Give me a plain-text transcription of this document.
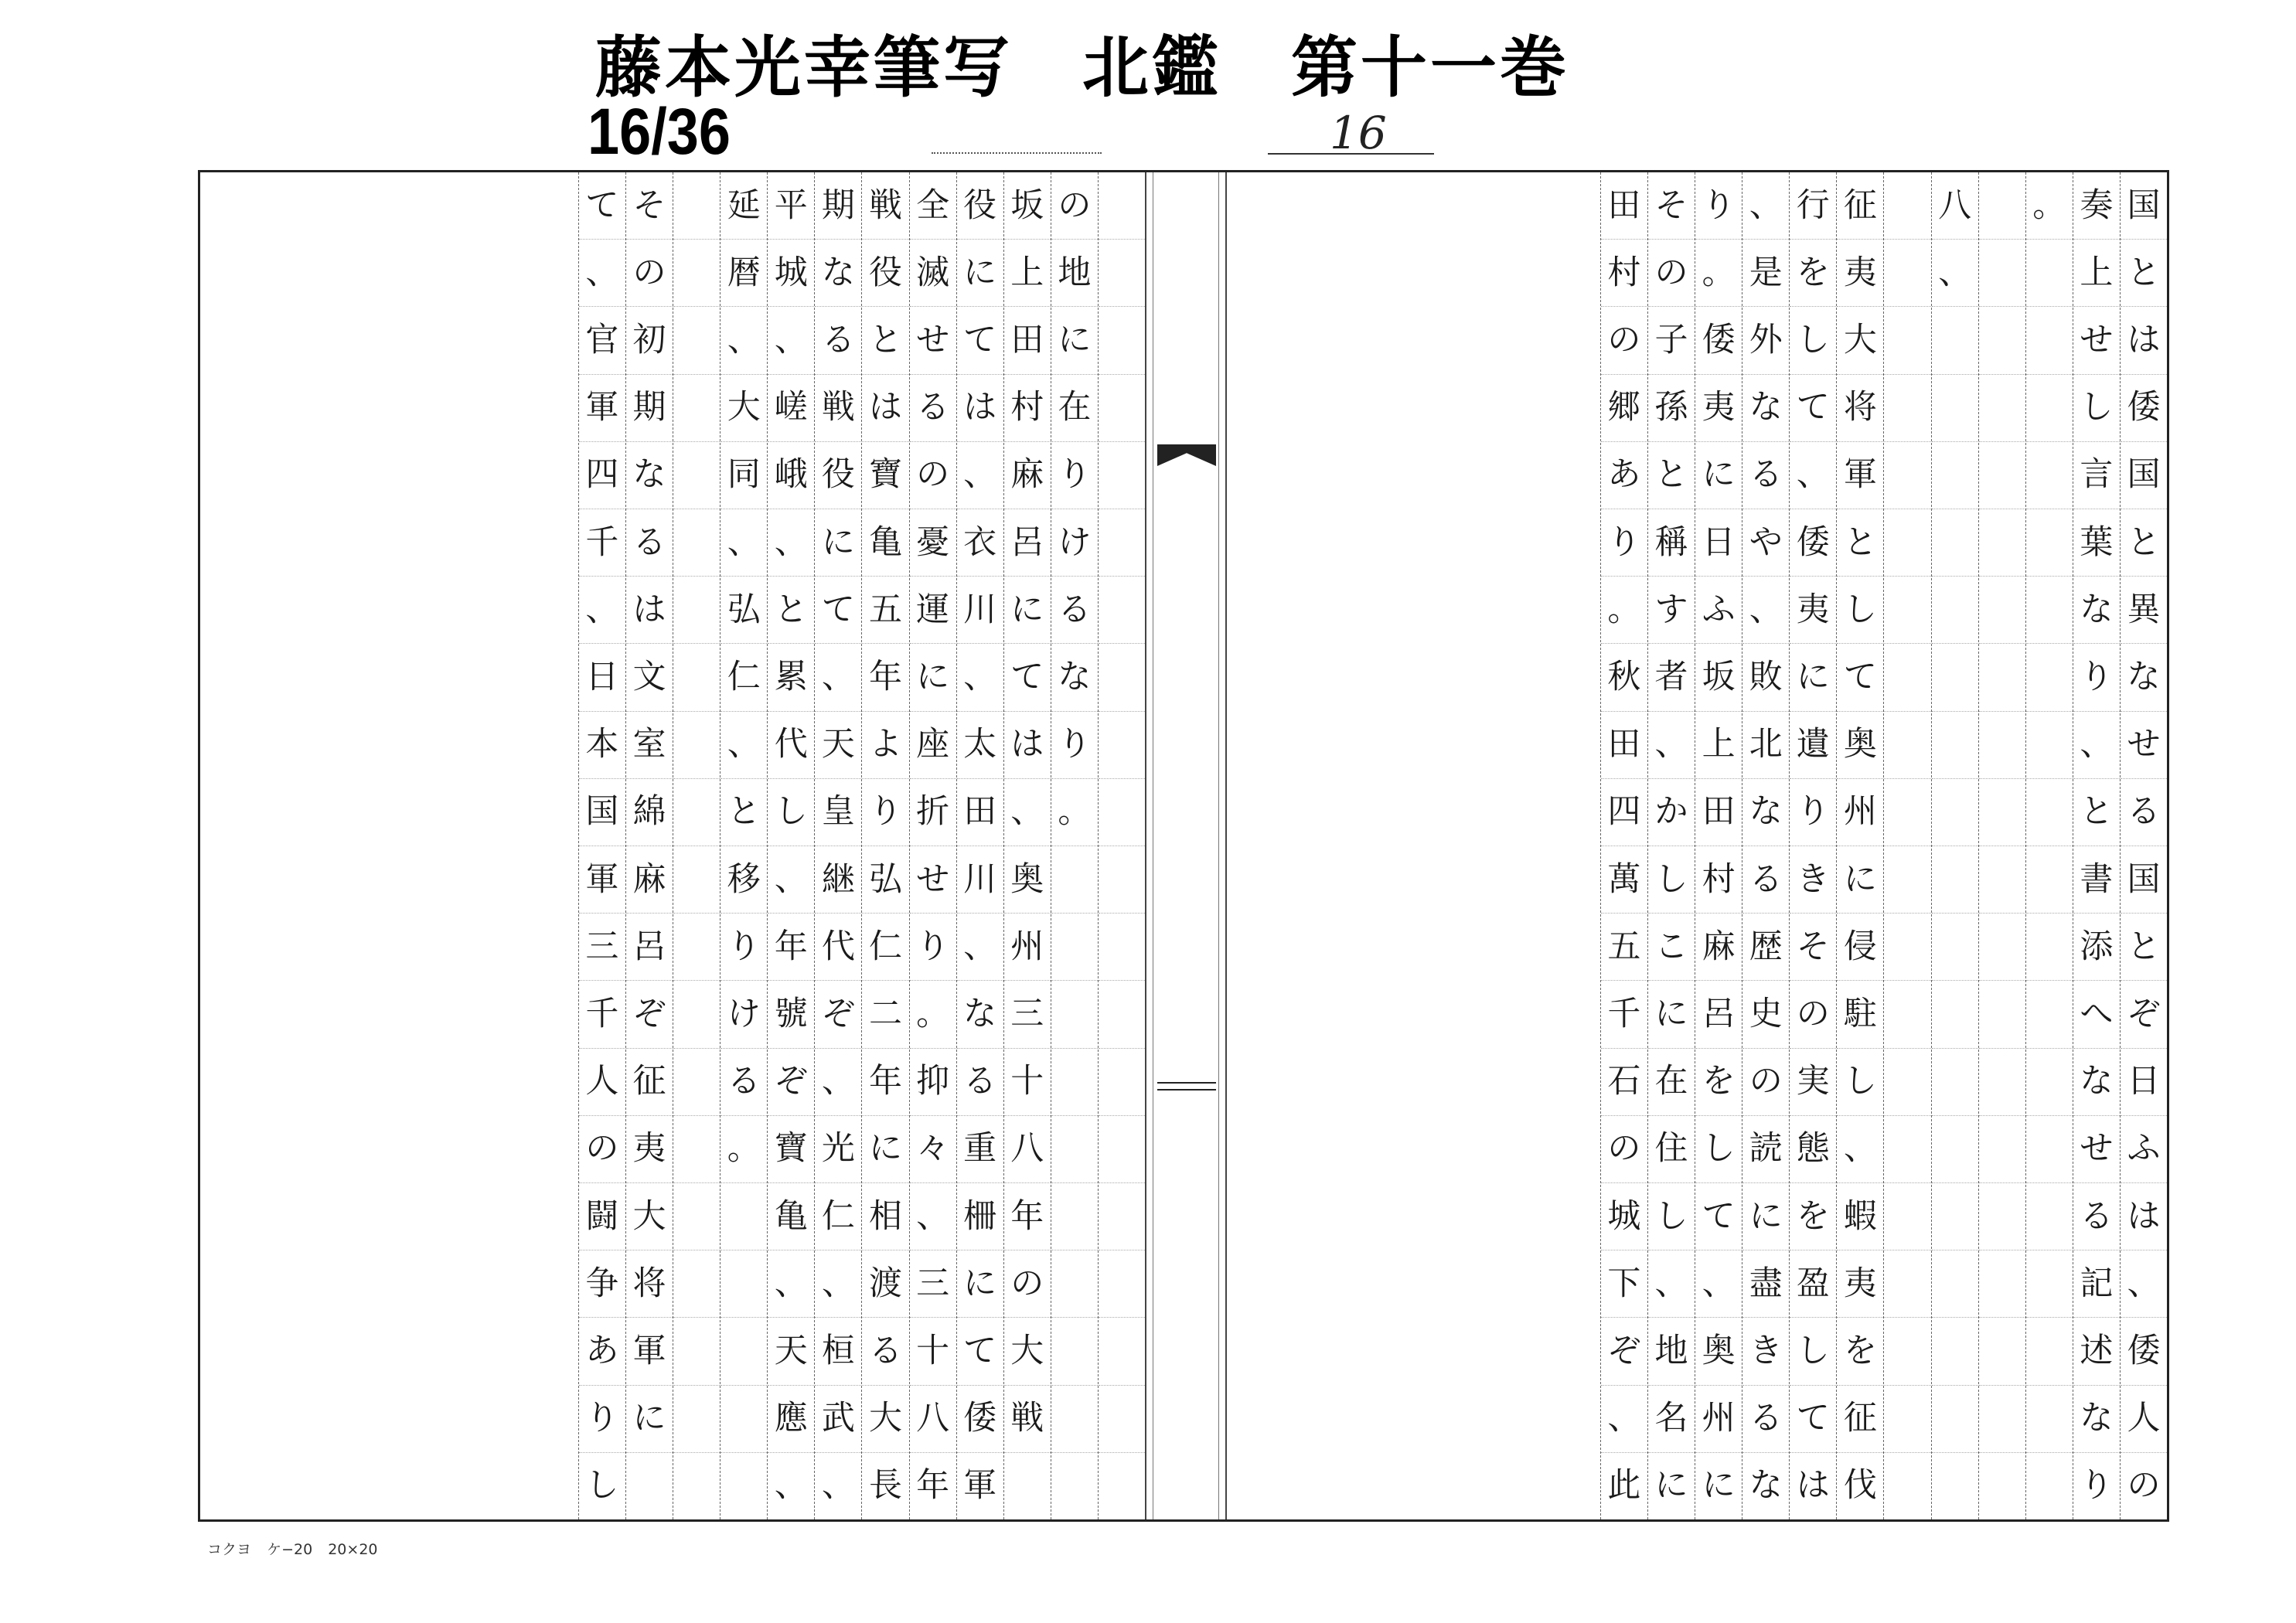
藤本光幸筆写　北鑑　第十一巻
16/36	16
国
と
は
倭
国
と
異
な
せ
る
国
と
ぞ
日
ふ
は
、
倭
人
の
奏
上
せ
し
言
葉
な
り
、
と
書
添
へ
な
せ
る
記
述
な
り
。
八
、
征
夷
大
将
軍
と
し
て
奥
州
に
侵
駐
し
、
蝦
夷
を
征
伐
行
を
し
て
、
倭
夷
に
遺
り
き
そ
の
実
態
を
盈
し
て
は
、
是
外
な
る
や
、
敗
北
な
る
歴
史
の
読
に
盡
き
る
な
り
。
倭
夷
に
日
ふ
坂
上
田
村
麻
呂
を
し
て
、
奥
州
に
そ
の
子
孫
と
稱
す
者
、
か
し
こ
に
在
住
し
、
地
名
に
田
村
の
郷
あ
り
。
秋
田
四
萬
五
千
石
の
城
下
ぞ
、
此
の
地
に
在
り
け
る
な
り
。
坂
上
田
村
麻
呂
に
て
は
、
奥
州
三
十
八
年
の
大
戦
役
に
て
は
、
衣
川
、
太
田
川
、
な
る
重
柵
に
て
倭
軍
全
滅
せ
る
の
憂
運
に
座
折
せ
り
。
抑
々
、
三
十
八
年
戦
役
と
は
寶
亀
五
年
よ
り
弘
仁
二
年
に
相
渡
る
大
長
期
な
る
戦
役
に
て
、
天
皇
継
代
ぞ
、
光
仁
、
桓
武
、
平
城
、
嵯
峨
、
と
累
代
し
、
年
號
ぞ
寶
亀
、
天
應
、
延
暦
、
大
同
、
弘
仁
、
と
移
り
け
る
。
そ
の
初
期
な
る
は
文
室
綿
麻
呂
ぞ
征
夷
大
将
軍
に
て
、
官
軍
四
千
、
日
本
国
軍
三
千
人
の
闘
争
あ
り
し
コクヨ ケ−20 20×20
